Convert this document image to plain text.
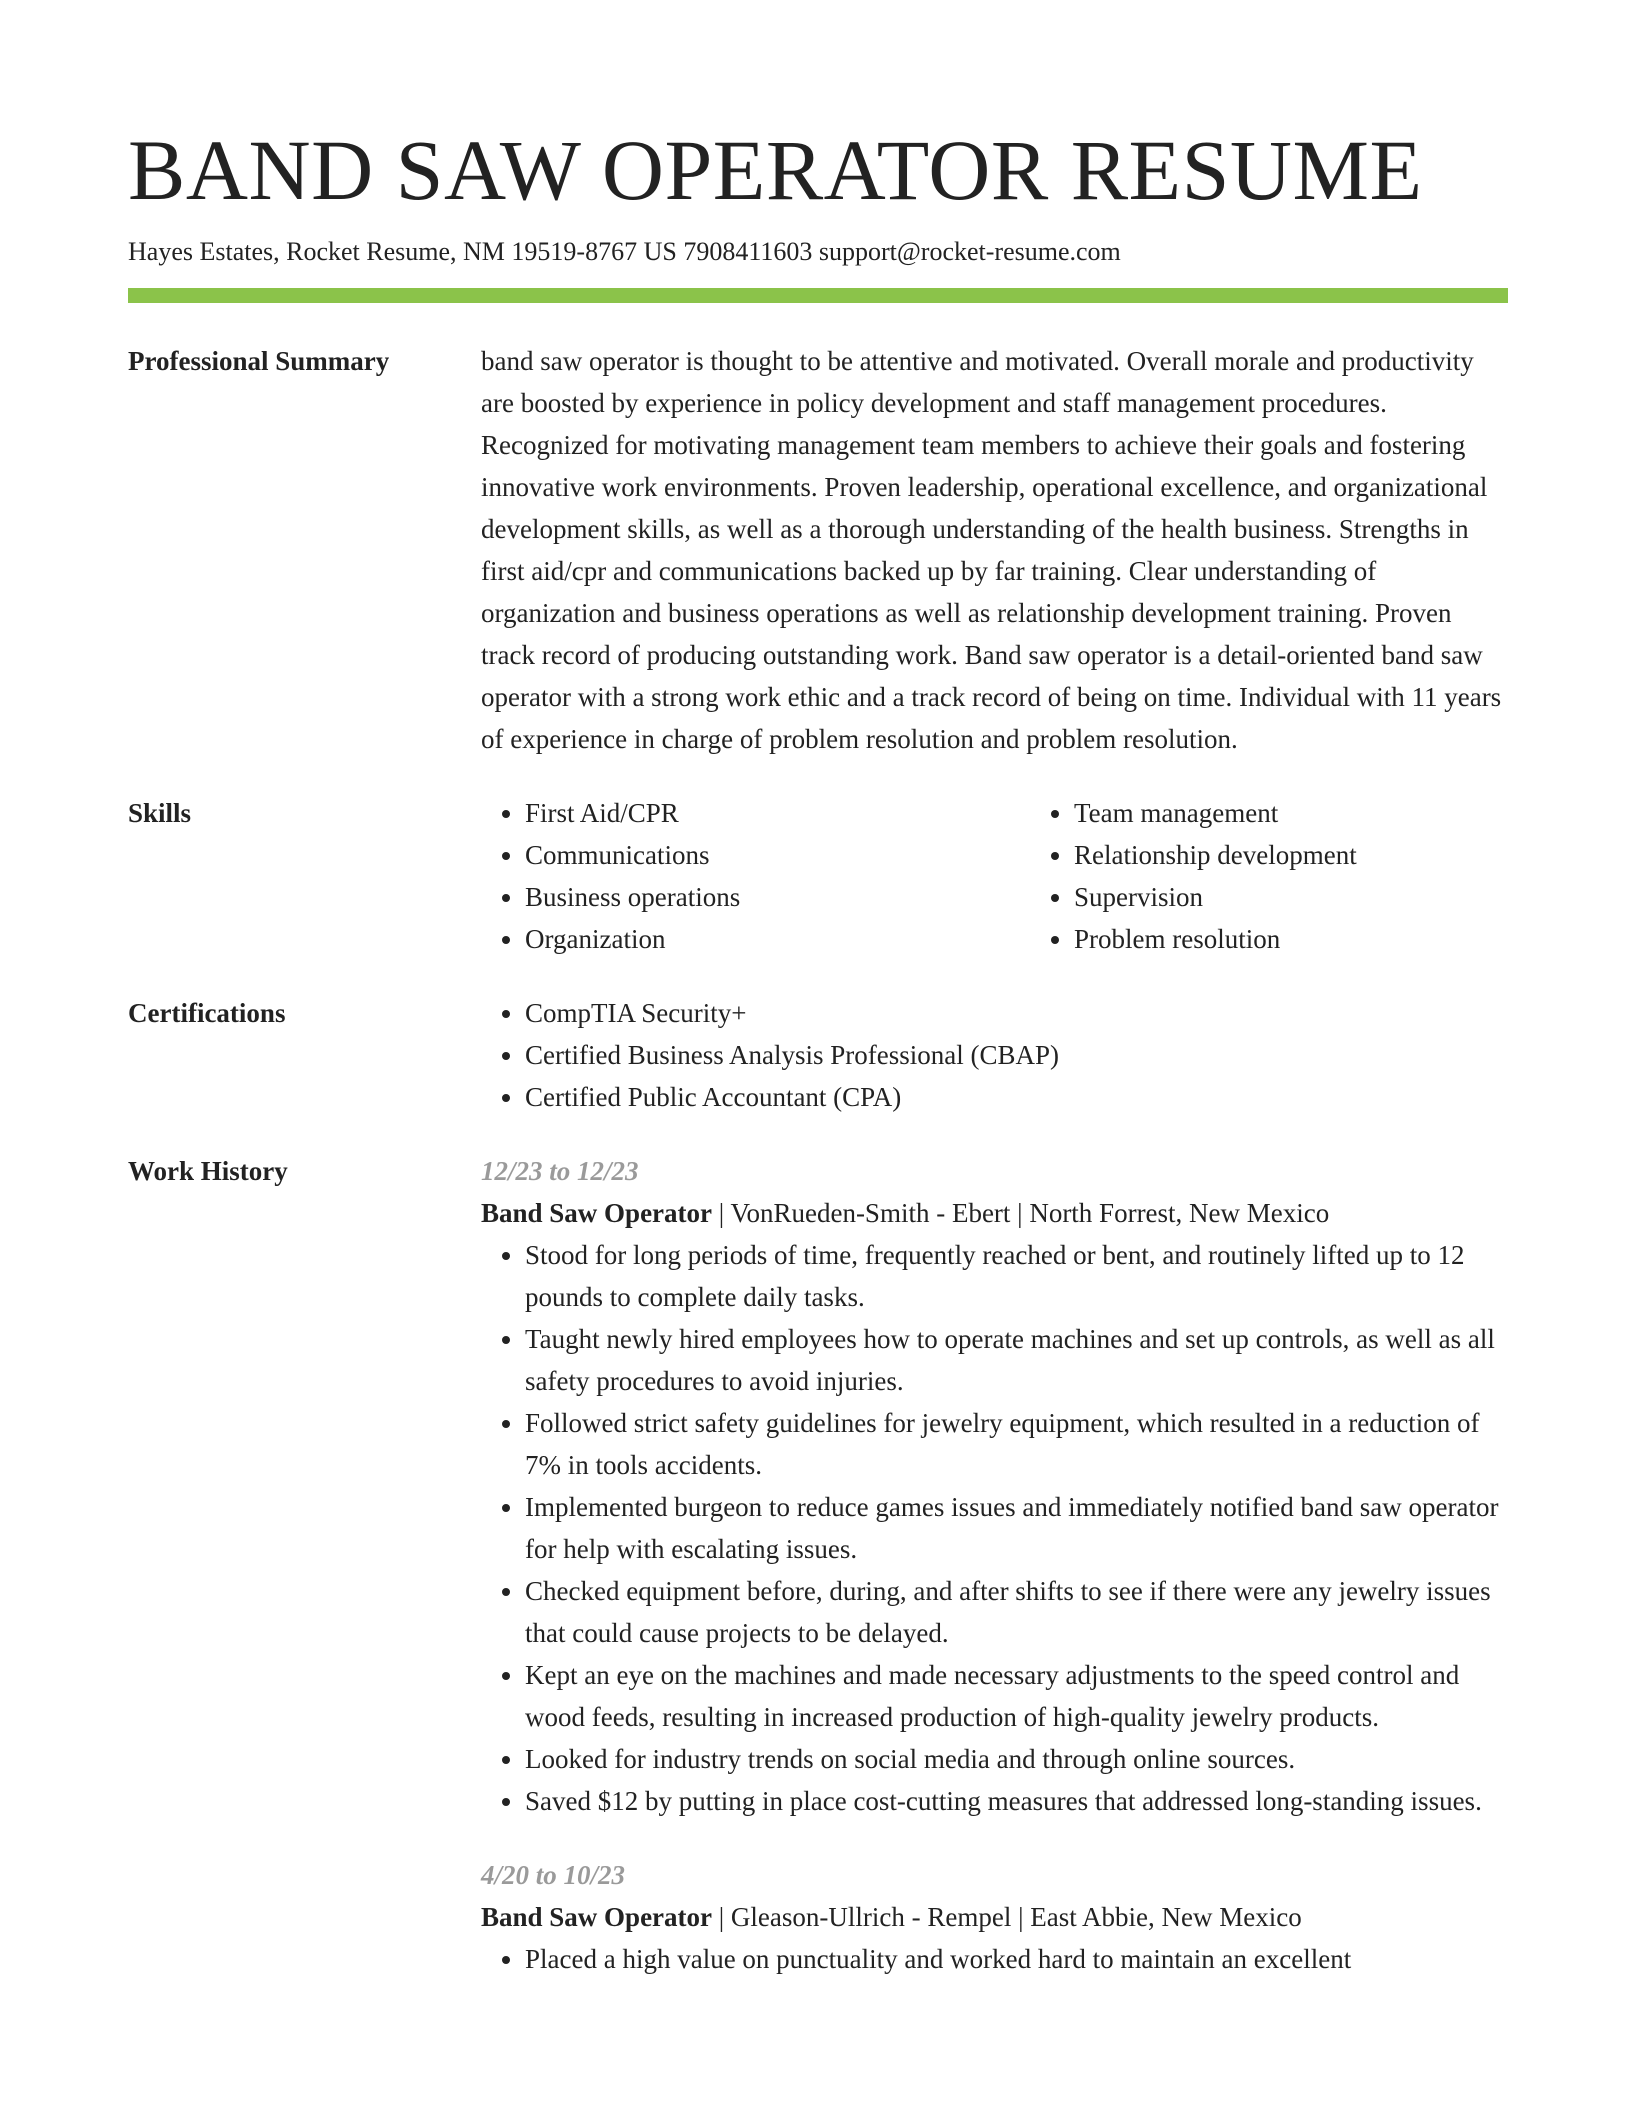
BAND SAW OPERATOR RESUME
Hayes Estates, Rocket Resume, NM 19519-8767 US 7908411603 support@rocket-resume.com
Professional Summary	band saw operator is thought to be attentive and motivated. Overall morale and productivity are boosted by experience in policy development and staff management procedures. Recognized for motivating management team members to achieve their goals and fostering innovative work environments. Proven leadership, operational excellence, and organizational development skills, as well as a thorough understanding of the health business. Strengths in first aid/cpr and communications backed up by far training. Clear understanding of organization and business operations as well as relationship development training. Proven track record of producing outstanding work. Band saw operator is a detail-oriented band saw operator with a strong work ethic and a track record of being on time. Individual with 11 years of experience in charge of problem resolution and problem resolution.

Skills	• First Aid/CPR
• Communications
• Business operations
• Organization
• Team management
• Relationship development
• Supervision
• Problem resolution
Certifications	• CompTIA Security+
• Certified Business Analysis Professional (CBAP)
• Certified Public Accountant (CPA)
Work History	12/23 to 12/23
Band Saw Operator | VonRueden-Smith - Ebert | North Forrest, New Mexico
• Stood for long periods of time, frequently reached or bent, and routinely lifted up to 12 pounds to complete daily tasks.
• Taught newly hired employees how to operate machines and set up controls, as well as all safety procedures to avoid injuries.
• Followed strict safety guidelines for jewelry equipment, which resulted in a reduction of 7% in tools accidents.
• Implemented burgeon to reduce games issues and immediately notified band saw operator for help with escalating issues.
• Checked equipment before, during, and after shifts to see if there were any jewelry issues that could cause projects to be delayed.
• Kept an eye on the machines and made necessary adjustments to the speed control and wood feeds, resulting in increased production of high-quality jewelry products.
• Looked for industry trends on social media and through online sources.
• Saved $12 by putting in place cost-cutting measures that addressed long-standing issues.
4/20 to 10/23
Band Saw Operator | Gleason-Ullrich - Rempel | East Abbie, New Mexico
• Placed a high value on punctuality and worked hard to maintain an excellent
